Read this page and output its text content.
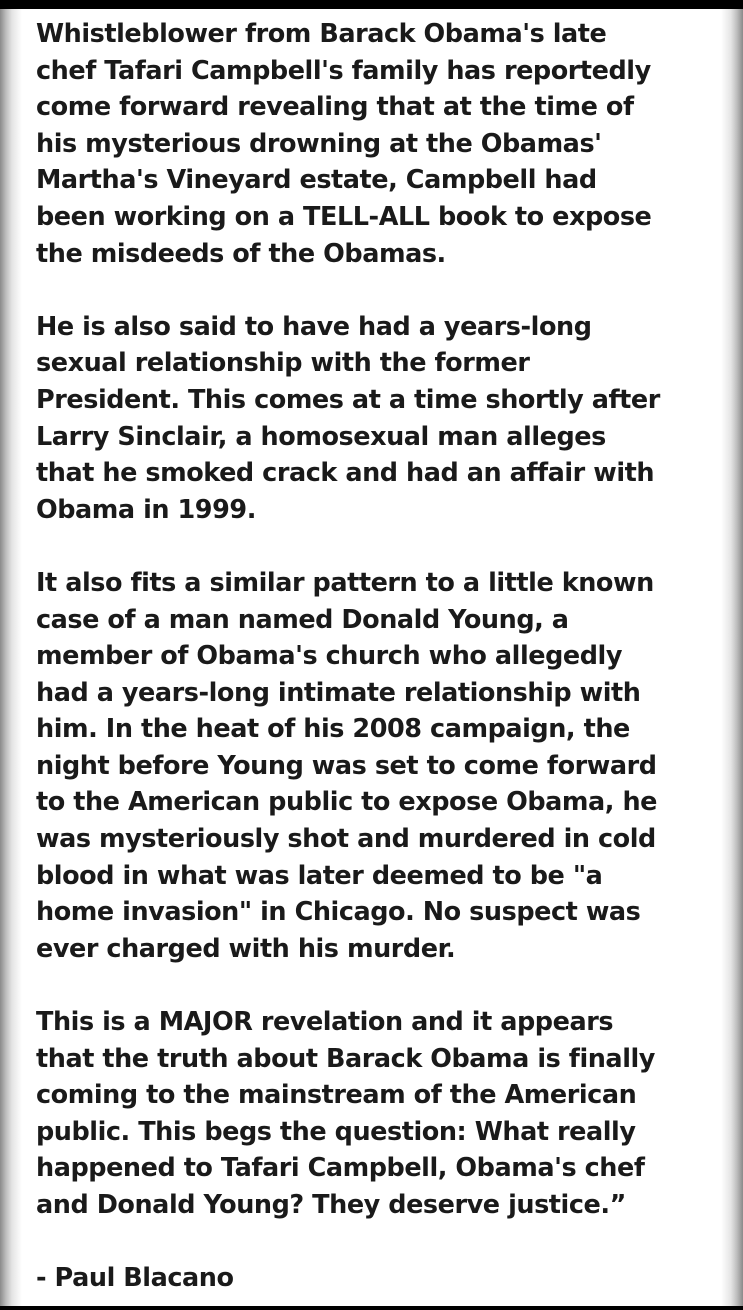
Whistleblower from Barack Obama's late
chef Tafari Campbell's family has reportedly
come forward revealing that at the time of
his mysterious drowning at the Obamas'
Martha's Vineyard estate, Campbell had
been working on a TELL-ALL book to expose
the misdeeds of the Obamas.
He is also said to have had a years-long
sexual relationship with the former
President. This comes at a time shortly after
Larry Sinclair, a homosexual man alleges
that he smoked crack and had an affair with
Obama in 1999.
It also fits a similar pattern to a little known
case of a man named Donald Young, a
member of Obama's church who allegedly
had a years-long intimate relationship with
him. In the heat of his 2008 campaign, the
night before Young was set to come forward
to the American public to expose Obama, he
was mysteriously shot and murdered in cold
blood in what was later deemed to be "a
home invasion" in Chicago. No suspect was
ever charged with his murder.
This is a MAJOR revelation and it appears
that the truth about Barack Obama is finally
coming to the mainstream of the American
public. This begs the question: What really
happened to Tafari Campbell, Obama's chef
and Donald Young? They deserve justice.”

- Paul Blacano
